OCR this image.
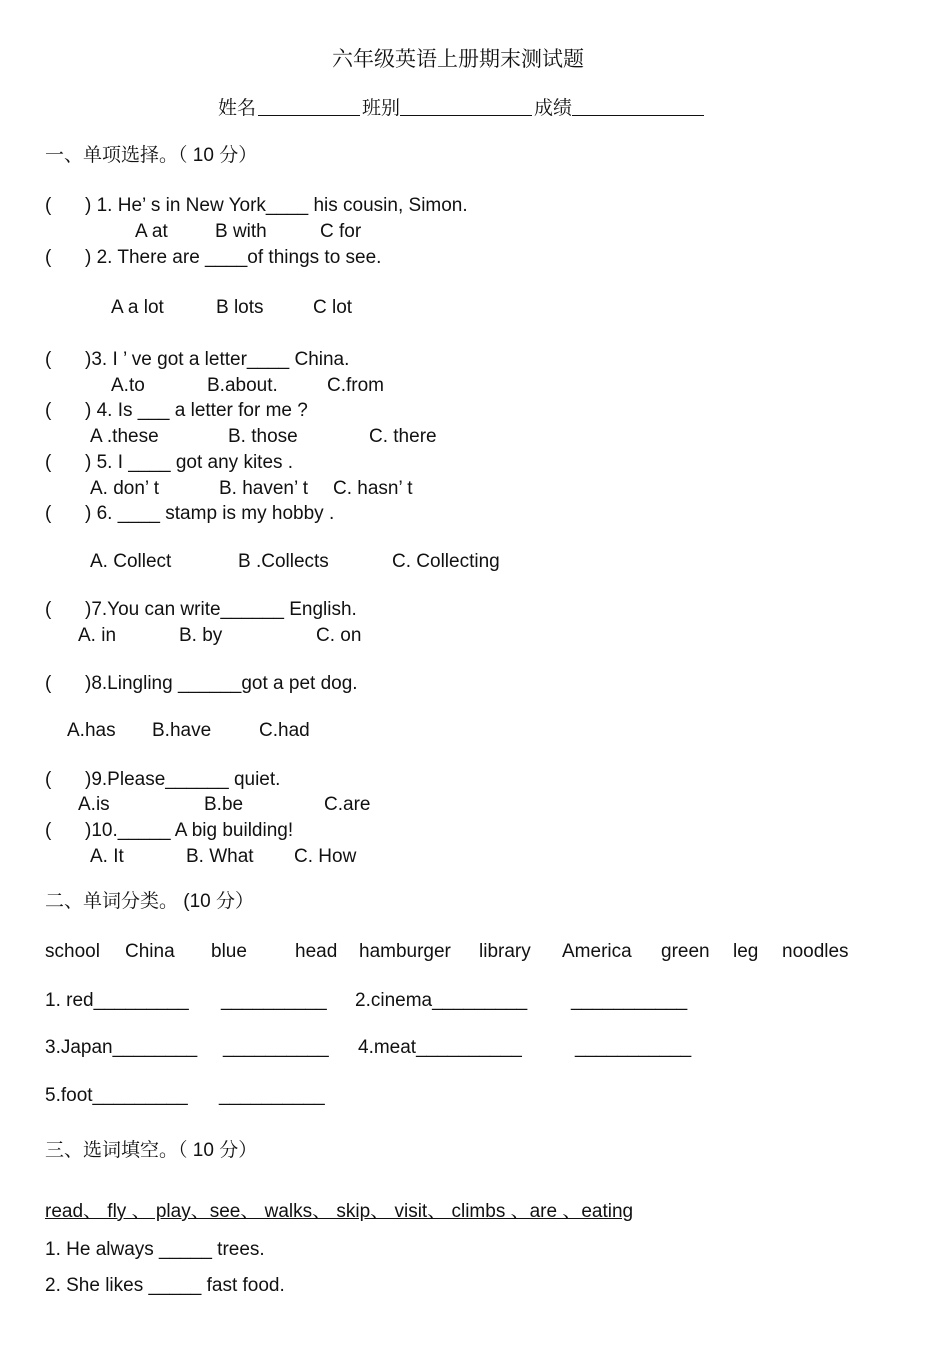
六年级英语上册期末测试题
姓名	班别	成绩
一、单项选择。（ 10 分）
( ) 1. He’ s in New York____ his cousin, Simon.
A at B with	C for
( ) 2. There are ____of things to see.
A a lot	B lots	C lot
( )3. I ’ ve got a letter____ China.
A.to	B.about.	C.from
( ) 4. Is ___ a letter for me ?
A .these	B. those	C. there
( ) 5. I ____ got any kites .
A. don’ t	B. haven’ t C. hasn’ t
( ) 6. ____ stamp is my hobby .
A. Collect	B .Collects	C. Collecting
( )7.You can write______ English.
A. in	B. by	C. on
( )8.Lingling ______got a pet dog.
A.has B.have	C.had
( )9.Please______ quiet.
A.is	B.be	C.are
( )10._____ A big building!
A. It	B. What C. How
二、单词分类。 (10 分）
school China blue	head hamburger library America green leg noodles
1. red_________ __________ 2.cinema_________ ___________
3.Japan________ __________ 4.meat__________	___________
5.foot_________ __________
三、选词填空。（ 10 分）
read、 fly 、 play、see、 walks、 skip、 visit、 climbs 、are 、eating
1. He always _____ trees.
2. She likes _____ fast food.
